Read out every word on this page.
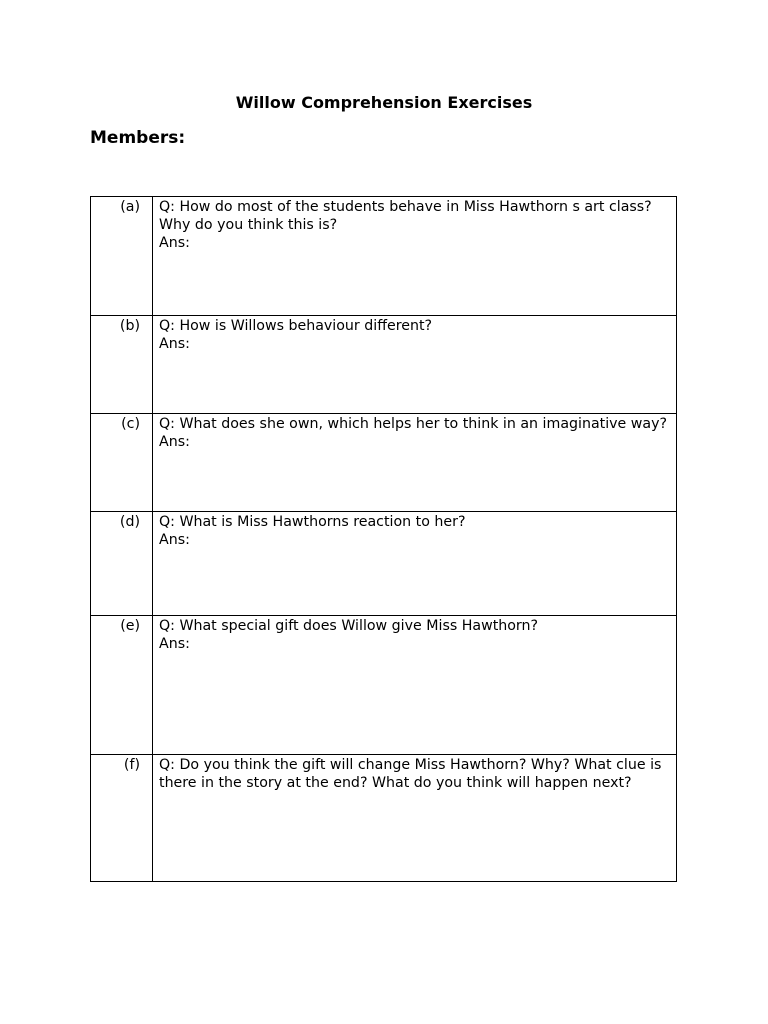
Willow Comprehension Exercises
Members:
(a)	Q: How do most of the students behave in Miss Hawthorn s art class? Why do you think this is?
Ans:

(b)	Q: How is Willows behaviour different?
Ans:

(c)	Q: What does she own, which helps her to think in an imaginative way?
Ans:

(d)	Q: What is Miss Hawthorns reaction to her?
Ans:

(e)	Q: What special gift does Willow give Miss Hawthorn?
Ans:

(f)	Q: Do you think the gift will change Miss Hawthorn? Why? What clue is there in the story at the end? What do you think will happen next?
